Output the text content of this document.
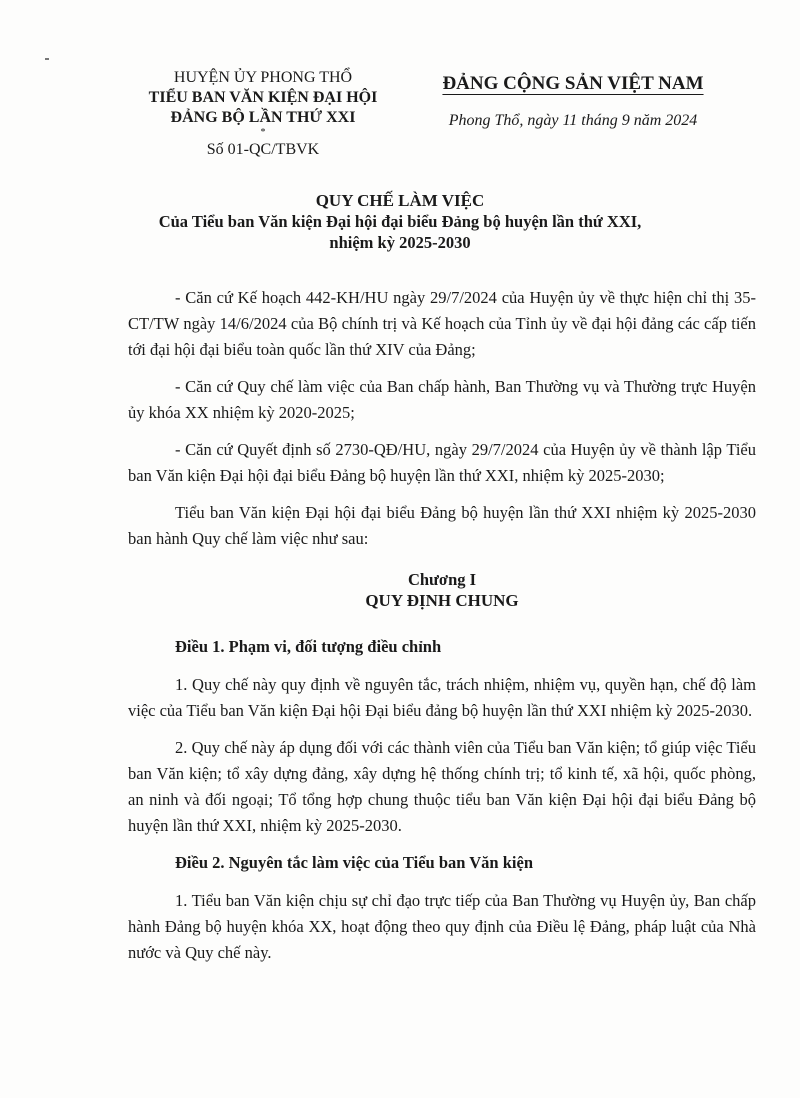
HUYỆN ỦY PHONG THỔ
TIỂU BAN VĂN KIỆN ĐẠI HỘI
ĐẢNG BỘ LẦN THỨ XXI
*
Số 01-QC/TBVK
ĐẢNG CỘNG SẢN VIỆT NAM
Phong Thổ, ngày 11 tháng 9 năm 2024
QUY CHẾ LÀM VIỆC
Của Tiểu ban Văn kiện Đại hội đại biểu Đảng bộ huyện lần thứ XXI,
nhiệm kỳ 2025-2030

- Căn cứ Kế hoạch 442-KH/HU ngày 29/7/2024 của Huyện ủy về thực hiện chỉ thị 35-CT/TW ngày 14/6/2024 của Bộ chính trị và Kế hoạch của Tỉnh ủy về đại hội đảng các cấp tiến tới đại hội đại biểu toàn quốc lần thứ XIV của Đảng;

- Căn cứ Quy chế làm việc của Ban chấp hành, Ban Thường vụ và Thường trực Huyện ủy khóa XX nhiệm kỳ 2020-2025;

- Căn cứ Quyết định số 2730-QĐ/HU, ngày 29/7/2024 của Huyện ủy về thành lập Tiểu ban Văn kiện Đại hội đại biểu Đảng bộ huyện lần thứ XXI, nhiệm kỳ 2025-2030;

Tiểu ban Văn kiện Đại hội đại biểu Đảng bộ huyện lần thứ XXI nhiệm kỳ 2025-2030 ban hành Quy chế làm việc như sau:

Chương I
QUY ĐỊNH CHUNG

Điều 1. Phạm vi, đối tượng điều chỉnh

1. Quy chế này quy định về nguyên tắc, trách nhiệm, nhiệm vụ, quyền hạn, chế độ làm việc của Tiểu ban Văn kiện Đại hội Đại biểu đảng bộ huyện lần thứ XXI nhiệm kỳ 2025-2030.

2. Quy chế này áp dụng đối với các thành viên của Tiểu ban Văn kiện; tổ giúp việc Tiểu ban Văn kiện; tổ xây dựng đảng, xây dựng hệ thống chính trị; tổ kinh tế, xã hội, quốc phòng, an ninh và đối ngoại; Tổ tổng hợp chung thuộc tiểu ban Văn kiện Đại hội đại biểu Đảng bộ huyện lần thứ XXI, nhiệm kỳ 2025-2030.

Điều 2. Nguyên tắc làm việc của Tiểu ban Văn kiện

1. Tiểu ban Văn kiện chịu sự chỉ đạo trực tiếp của Ban Thường vụ Huyện ủy, Ban chấp hành Đảng bộ huyện khóa XX, hoạt động theo quy định của Điều lệ Đảng, pháp luật của Nhà nước và Quy chế này.
